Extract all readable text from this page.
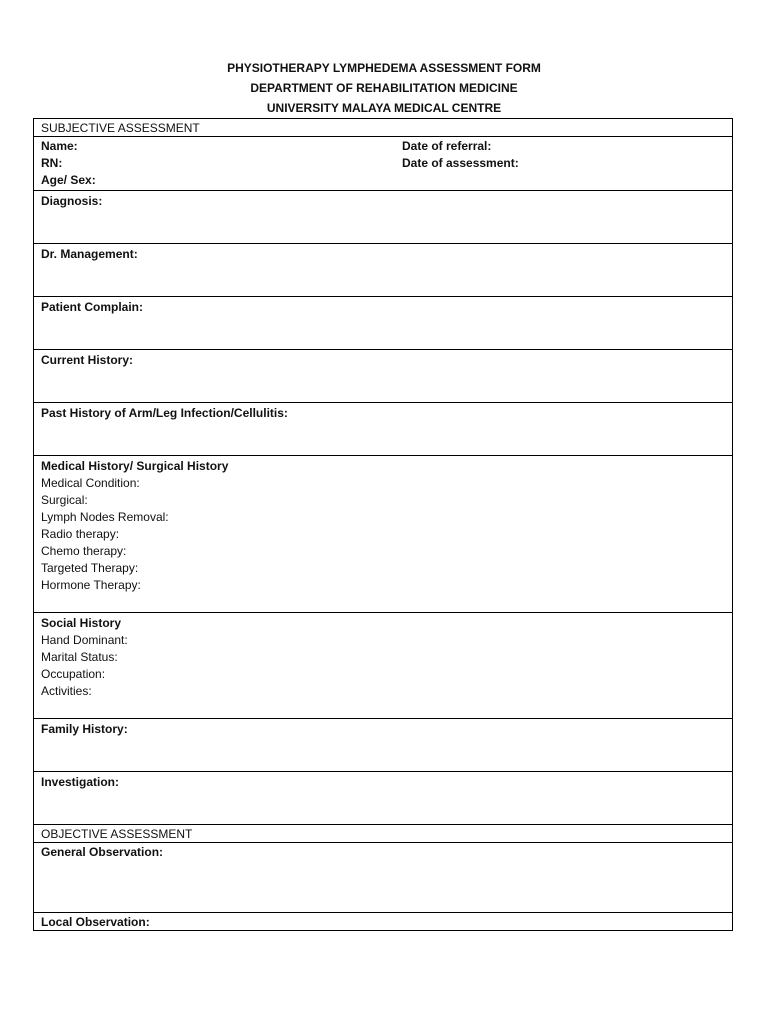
PHYSIOTHERAPY LYMPHEDEMA ASSESSMENT FORM
DEPARTMENT OF REHABILITATION MEDICINE
UNIVERSITY MALAYA MEDICAL CENTRE
SUBJECTIVE ASSESSMENT
Name:	Date of referral:
RN:	Date of assessment:
Age/ Sex:
Diagnosis:
Dr. Management:
Patient Complain:
Current History:
Past History of Arm/Leg Infection/Cellulitis:
Medical History/ Surgical History
Medical Condition:
Surgical:
Lymph Nodes Removal:
Radio therapy:
Chemo therapy:
Targeted Therapy:
Hormone Therapy:
Social History
Hand Dominant:
Marital Status:
Occupation:
Activities:
Family History:
Investigation:
OBJECTIVE ASSESSMENT
General Observation:
Local Observation:
